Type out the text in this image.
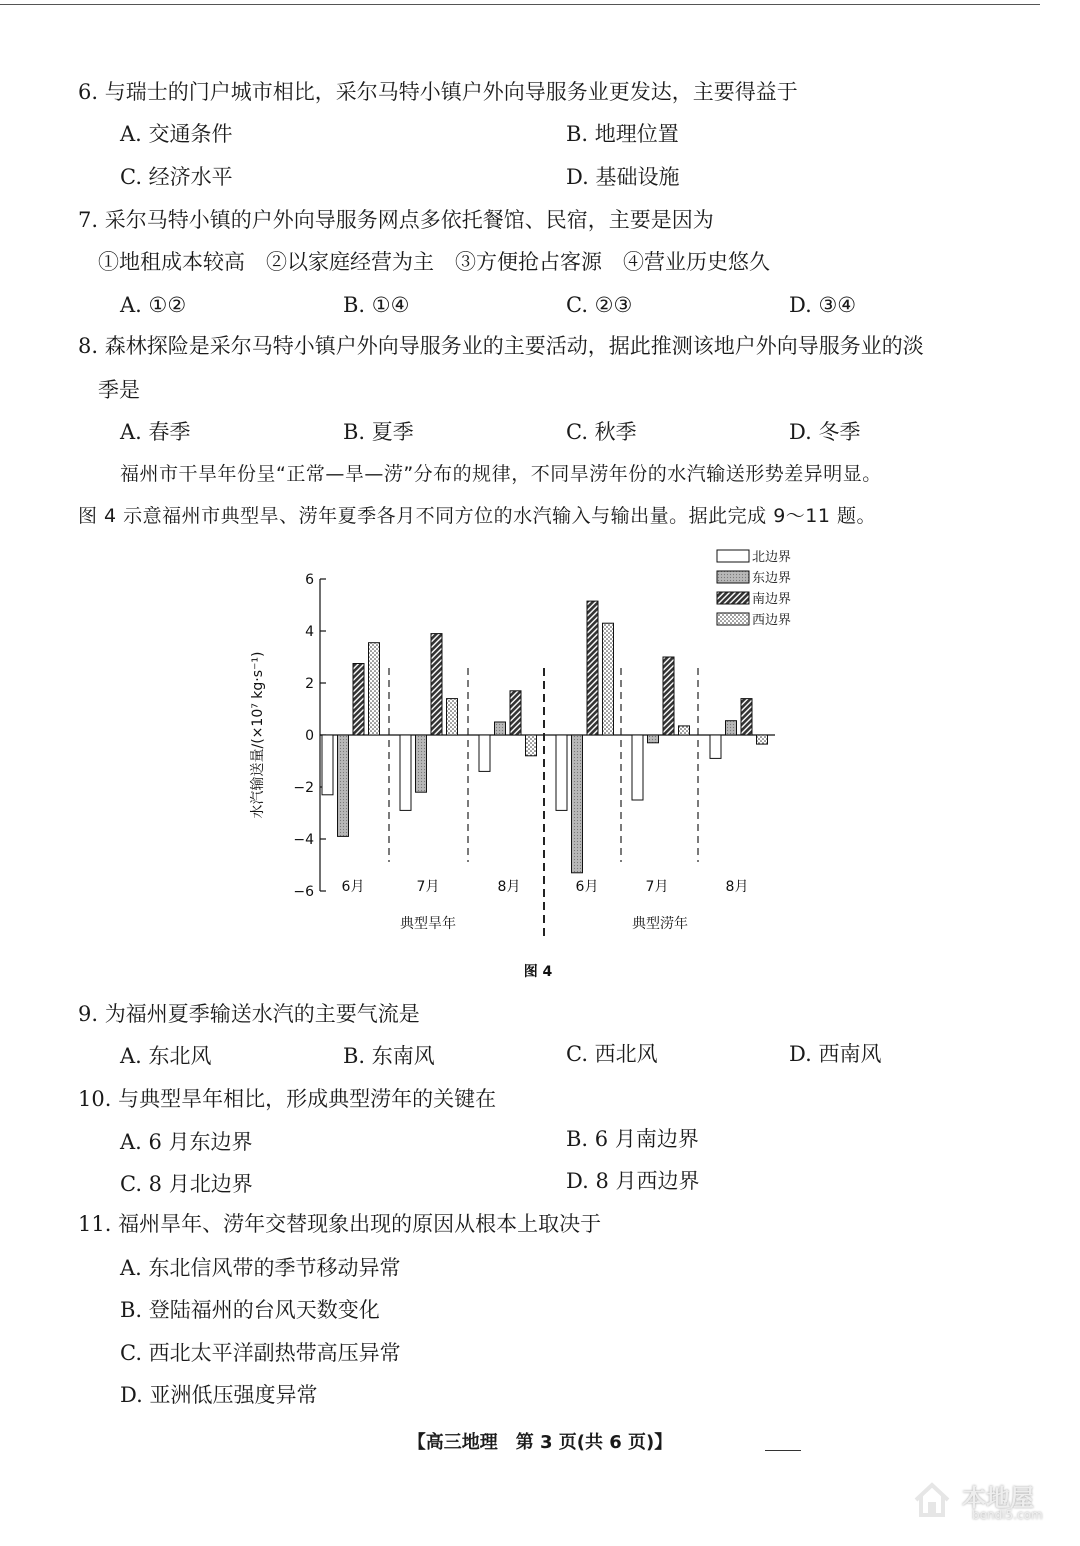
6. 与瑞士的门户城市相比，采尔马特小镇户外向导服务业更发达，主要得益于
A. 交通条件	B. 地理位置
C. 经济水平	D. 基础设施
7. 采尔马特小镇的户外向导服务网点多依托餐馆、民宿，主要是因为
①地租成本较高　②以家庭经营为主　③方便抢占客源　④营业历史悠久
A. ①②	B. ①④	C. ②③	D. ③④
8. 森林探险是采尔马特小镇户外向导服务业的主要活动，据此推测该地户外向导服务业的淡
季是
A. 春季	B. 夏季	C. 秋季	D. 冬季
福州市干旱年份呈“正常—旱—涝”分布的规律，不同旱涝年份的水汽输送形势差异明显。
图 4 示意福州市典型旱、涝年夏季各月不同方位的水汽输入与输出量。据此完成 9～11 题。
6
4
2
0
−2
−4
−6 6月	7月	8月	6月	7月	8月
水汽输送量/(×10⁷ kg·s⁻¹)
典型旱年	典型涝年
北边界
东边界
南边界
西边界
图 4
9. 为福州夏季输送水汽的主要气流是
A. 东北风	B. 东南风	C. 西北风	D. 西南风
10. 与典型旱年相比，形成典型涝年的关键在
A. 6 月东边界	B. 6 月南边界
C. 8 月北边界	D. 8 月西边界
11. 福州旱年、涝年交替现象出现的原因从根本上取决于
A. 东北信风带的季节移动异常
B. 登陆福州的台风天数变化
C. 西北太平洋副热带高压异常
D. 亚洲低压强度异常
【高三地理　第 3 页(共 6 页)】
本地屋
bendi5.com
